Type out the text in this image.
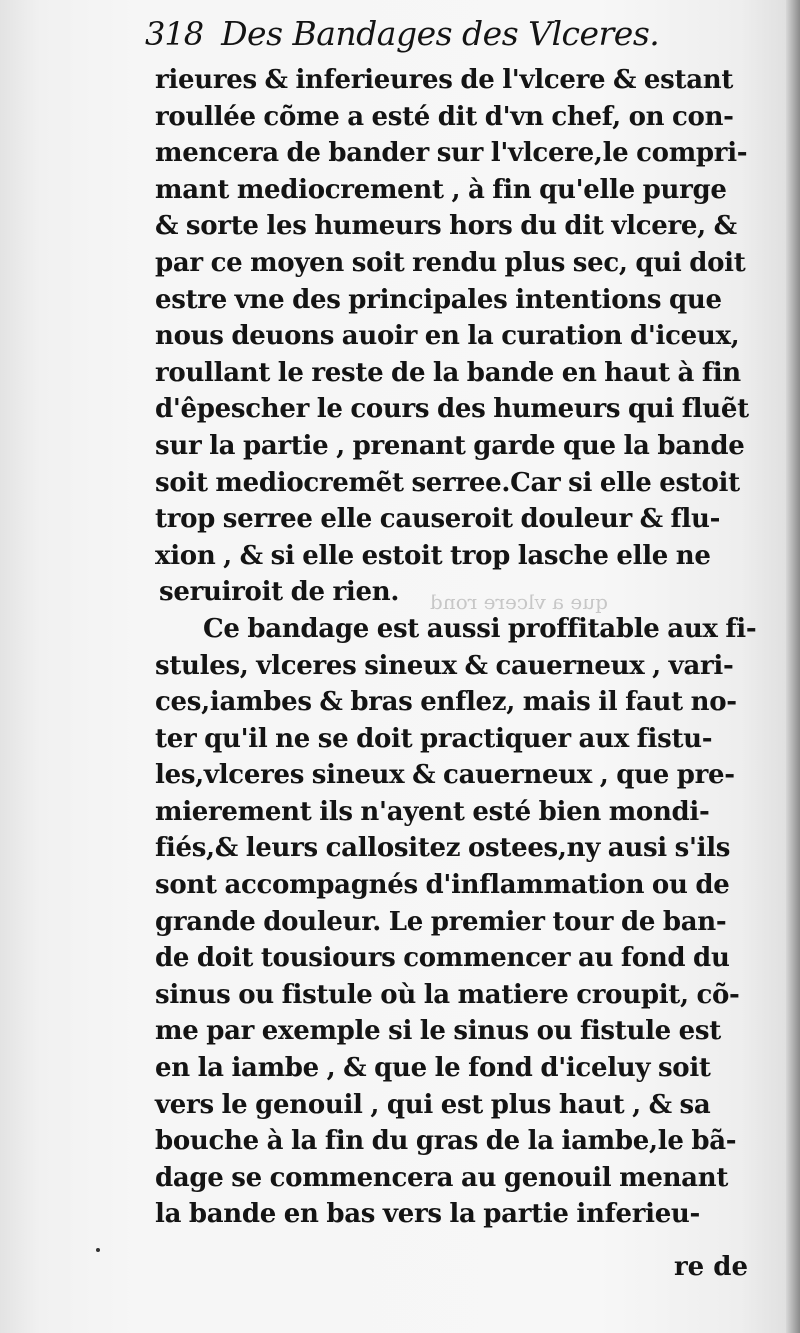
318 Des Bandages des Vlceres.
que a vlcere rond
rieures & inferieures de l'vlcere & estant
roullée cõme a esté dit d'vn chef, on con-
mencera de bander sur l'vlcere,le compri-
mant mediocrement , à fin qu'elle purge
& sorte les humeurs hors du dit vlcere, &
par ce moyen soit rendu plus sec, qui doit
estre vne des principales intentions que
nous deuons auoir en la curation d'iceux,
roullant le reste de la bande en haut à fin
d'êpescher le cours des humeurs qui fluẽt
sur la partie , prenant garde que la bande
soit mediocremẽt serree.Car si elle estoit
trop serree elle causeroit douleur & flu-
xion , & si elle estoit trop lasche elle ne
seruiroit de rien.
Ce bandage est aussi proffitable aux fi-
stules, vlceres sineux & cauerneux , vari-
ces,iambes & bras enflez, mais il faut no-
ter qu'il ne se doit practiquer aux fistu-
les,vlceres sineux & cauerneux , que pre-
mierement ils n'ayent esté bien mondi-
fiés,& leurs callositez ostees,ny ausi s'ils
sont accompagnés d'inflammation ou de
grande douleur. Le premier tour de ban-
de doit tousiours commencer au fond du
sinus ou fistule où la matiere croupit, cõ-
me par exemple si le sinus ou fistule est
en la iambe , & que le fond d'iceluy soit
vers le genouil , qui est plus haut , & sa
bouche à la fin du gras de la iambe,le bã-
dage se commencera au genouil menant
la bande en bas vers la partie inferieu-
re de
